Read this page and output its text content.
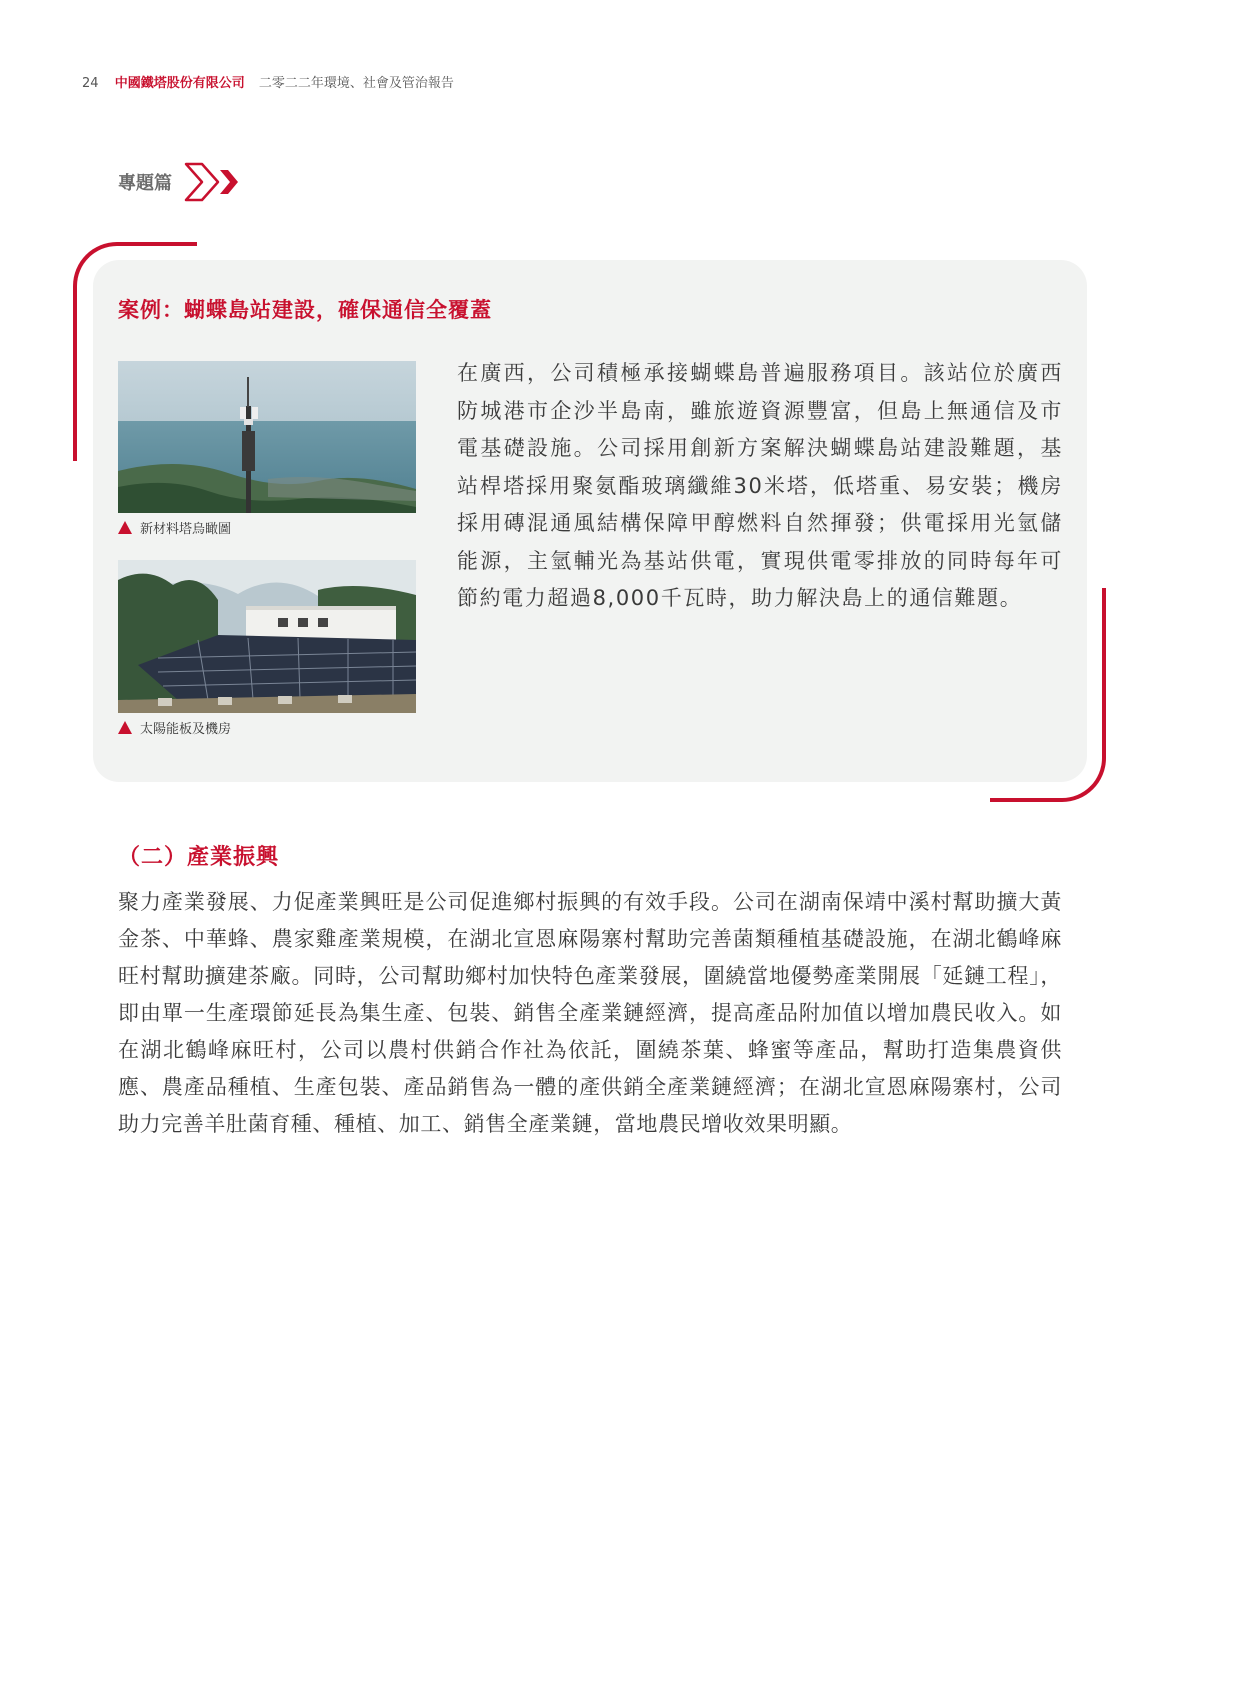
24 中國鐵塔股份有限公司 二零二二年環境、社會及管治報告
專題篇
案例：蝴蝶島站建設，確保通信全覆蓋
新材料塔烏瞰圖
太陽能板及機房
在廣西，公司積極承接蝴蝶島普遍服務項目。該站位於廣西防城港市企沙半島南，雖旅遊資源豐富，但島上無通信及市電基礎設施。公司採用創新方案解決蝴蝶島站建設難題，基站桿塔採用聚氨酯玻璃纖維30米塔，低塔重、易安裝；機房採用磚混通風結構保障甲醇燃料自然揮發；供電採用光氫儲能源，主氫輔光為基站供電，實現供電零排放的同時每年可節約電力超過8,000千瓦時，助力解決島上的通信難題。
（二）產業振興
聚力產業發展、力促產業興旺是公司促進鄉村振興的有效手段。公司在湖南保靖中溪村幫助擴大黃金茶、中華蜂、農家雞產業規模，在湖北宣恩麻陽寨村幫助完善菌類種植基礎設施，在湖北鶴峰麻旺村幫助擴建茶廠。同時，公司幫助鄉村加快特色產業發展，圍繞當地優勢產業開展「延鏈工程」，即由單一生產環節延長為集生產、包裝、銷售全產業鏈經濟，提高產品附加值以增加農民收入。如在湖北鶴峰麻旺村，公司以農村供銷合作社為依託，圍繞茶葉、蜂蜜等產品，幫助打造集農資供應、農產品種植、生產包裝、產品銷售為一體的產供銷全產業鏈經濟；在湖北宣恩麻陽寨村，公司助力完善羊肚菌育種、種植、加工、銷售全產業鏈，當地農民增收效果明顯。
